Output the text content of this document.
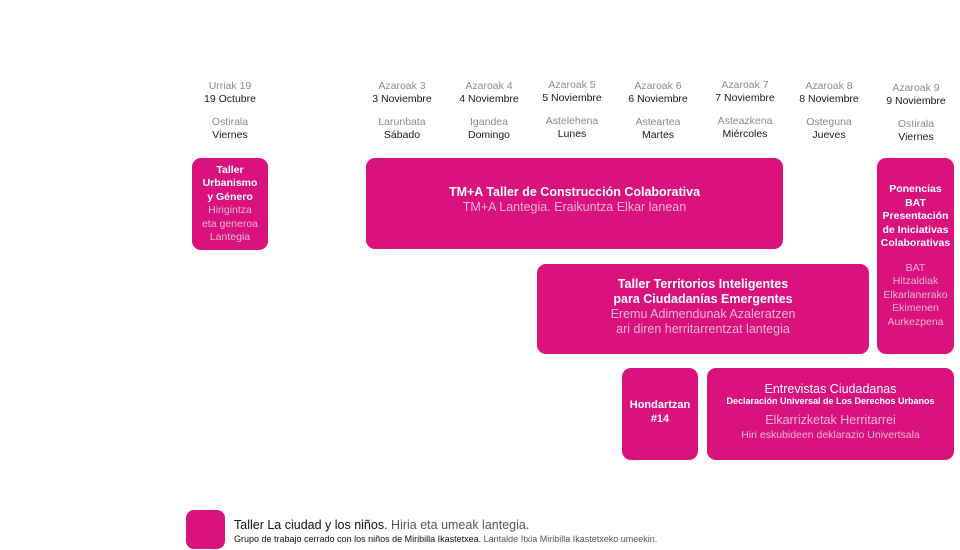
Urriak 19
19 Octubre
Ostirala
Viernes
Azaroak 3
3 Noviembre
Larunbata
Sábado
Azaroak 4
4 Noviembre
Igandea
Domingo
Azaroak 5
5 Noviembre
Astelehena
Lunes
Azaroak 6
6 Noviembre
Asteartea
Martes
Azaroak 7
7 Noviembre
Asteazkena
Miércoles
Azaroak 8
8 Noviembre
Osteguna
Jueves
Azaroak 9
9 Noviembre
Ostirala
Viernes
Taller
Urbanismo
y Género
Hirigintza
eta generoa
Lantegia
TM+A Taller de Construcción Colaborativa
TM+A Lantegia. Eraikuntza Elkar lanean
Ponencias
BAT
Presentación
de Iniciativas
Colaborativas
BAT
Hitzaldiak
Elkarlanerako
Ekimenen
Aurkezpena
Taller Territorios Inteligentes
para Ciudadanías Emergentes
Eremu Adimendunak Azaleratzen
ari diren herritarrentzat lantegia
Hondartzan
#14
Entrevistas Ciudadanas
Declaración Universal de Los Derechos Urbanos
Elkarrizketak Herritarrei
Hiri eskubideen deklarazio Univertsala
Taller La ciudad y los niños. Hiria eta umeak lantegia.
Grupo de trabajo cerrado con los niños de Miribilla Ikastetxea. Lantalde Itxia Miribilla Ikastetxeko umeekin.
